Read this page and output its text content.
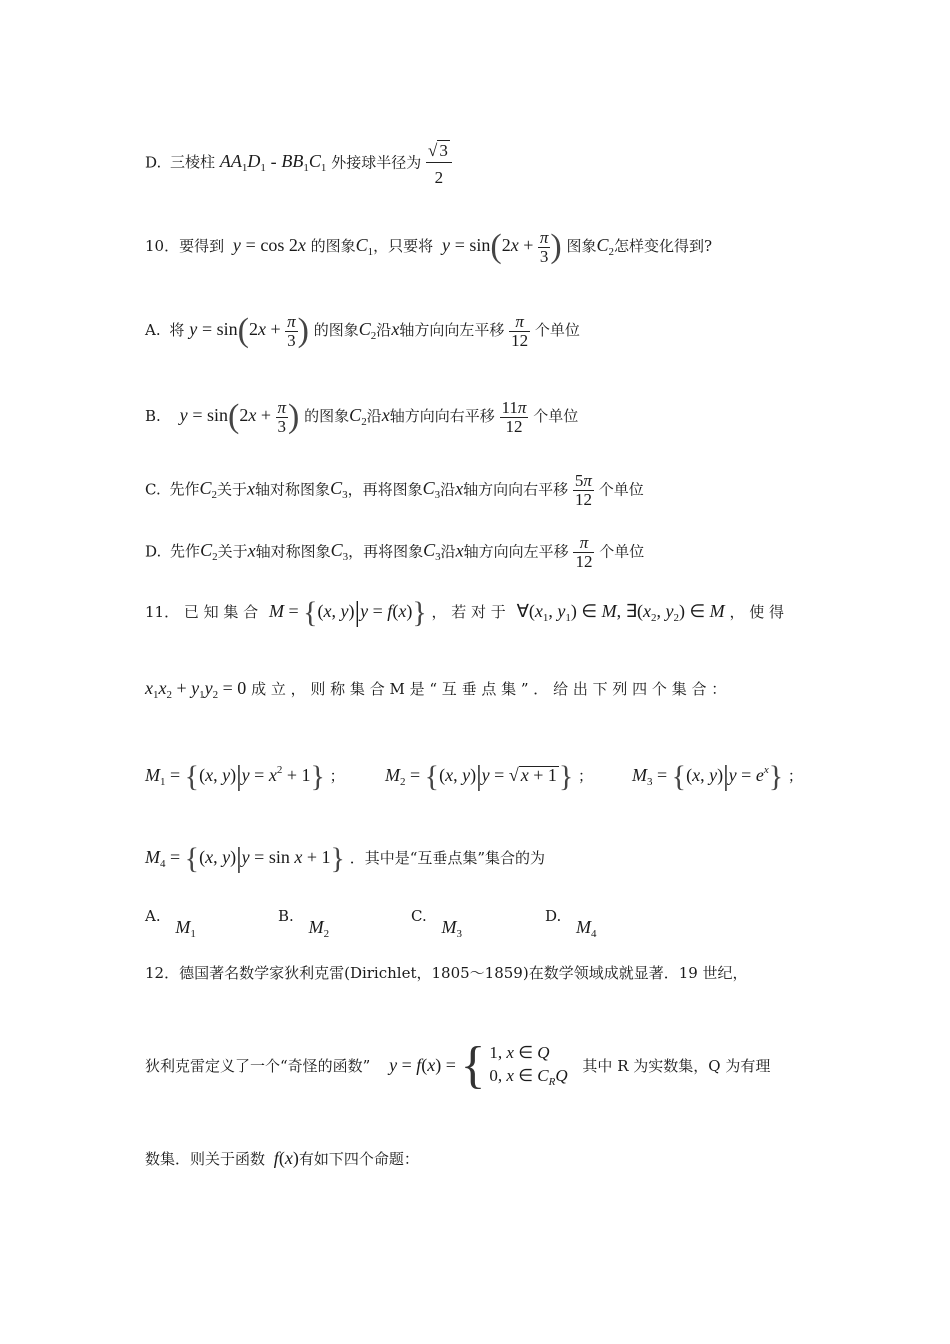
D. 三棱柱 $AA_1D_1 - BB_1C_1$ 外接球半径为 $\frac{√ 3}{2}$
10．要得到 y = cos 2x 的图象$C_1$，只要将 $y = \sin(2x + \frac{\pi}{3}$ ) 图象$C_2$怎样变化得到?
A. 将 $y = \sin(2x + \frac{\pi}{3}$ ) 的图象$C_2$沿x轴方向向左平移 $\frac{\pi}{12}$ 个单位
B. $y = \sin(2x + \frac{\pi}{3}$ ) 的图象$C_2$沿x轴方向向右平移 $\frac{11\pi}{12}$ 个单位
C. 先作$C_2$关于x轴对称图象$C_3$，再将图象$C_3$沿x轴方向向右平移 $\frac{5\pi}{12}$ 个单位
D. 先作$C_2$关于x轴对称图象$C_3$，再将图象$C_3$沿x轴方向向左平移 $\frac{\pi}{12}$ 个单位
11． 已 知 集 合 M = {(x, y)|y = f(x)} ， 若 对 于 $\forall(x_1$, $y_1$) ∈ M, $\exists(x_2$, $y_2$) ∈ M ， 使 得
$x_1x_2 + y_1y_2 = 0$ 成 立 ， 则 称 集 合 M 是 “ 互 垂 点 集 ” ． 给 出 下 列 四 个 集 合 ：
$M_1 = \{(x$, $y)|y = x^2 + 1$} ； $M_2 = \{(x$, y)|y = √ x + 1} ； $M_3 = \{(x$, $y)|y = e^x$} ；
$M_4 = \{(x$, y)|y = sin x + 1} ．其中是“互垂点集”集合的为
A. $M_1$
B. $M_2$
C. $M_3$
D. $M_4$
12．德国著名数学家狄利克雷(Dirichlet，1805～1859)在数学领域成就显著．19 世纪，
狄利克雷定义了一个“奇怪的函数” y = f(x) = { 1, x ∈ Q
0, x ∈ $C_RQ$ 其中 R 为实数集，Q 为有理
数集．则关于函数 f(x)有如下四个命题：
